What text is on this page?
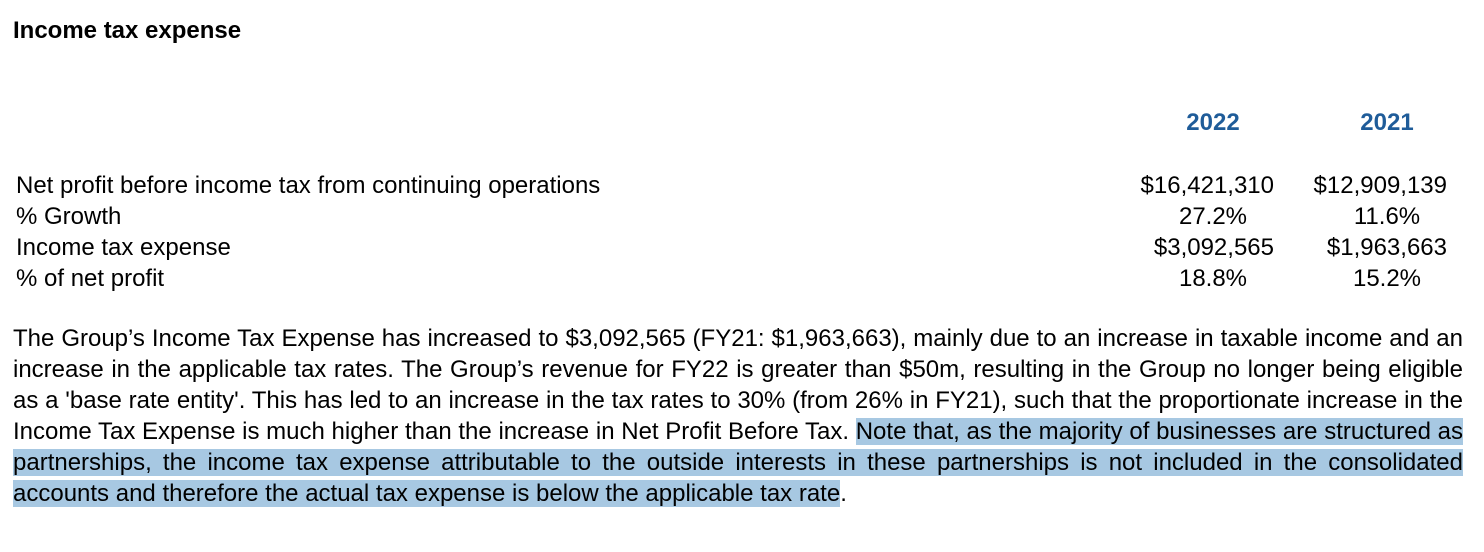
Income tax expense
2022	2021
Net profit before income tax from continuing operations	$16,421,310 $12,909,139
% Growth	27.2%	11.6%
Income tax expense	$3,092,565 $1,963,663
% of net profit	18.8%	15.2%

The Group’s Income Tax Expense has increased to $3,092,565 (FY21: $1,963,663), mainly due to an increase in taxable income and an increase in the applicable tax rates. The Group’s revenue for FY22 is greater than $50m, resulting in the Group no longer being eligible as a 'base rate entity'. This has led to an increase in the tax rates to 30% (from 26% in FY21), such that the proportionate increase in the Income Tax Expense is much higher than the increase in Net Profit Before Tax. Note that, as the majority of businesses are structured as partnerships, the income tax expense attributable to the outside interests in these partnerships is not included in the consolidated accounts and therefore the actual tax expense is below the applicable tax rate.
